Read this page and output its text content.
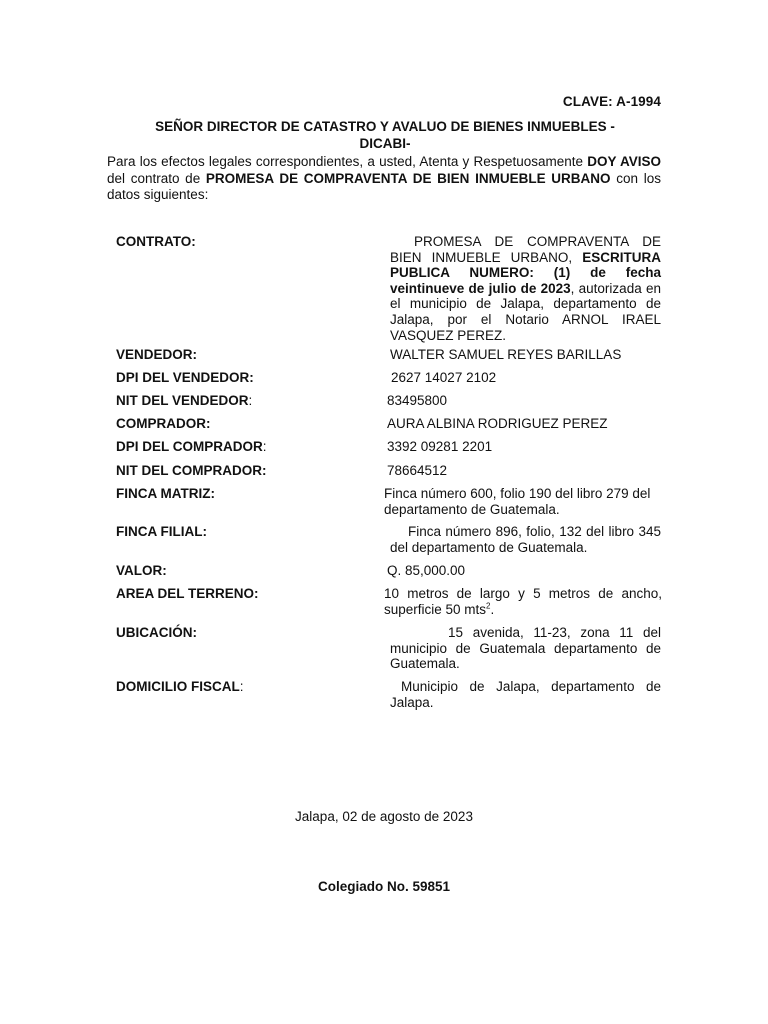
CLAVE: A-1994
SEÑOR DIRECTOR DE CATASTRO Y AVALUO DE BIENES INMUEBLES -
DICABI-
Para los efectos legales correspondientes, a usted, Atenta y Respetuosamente DOY AVISO del contrato de PROMESA DE COMPRAVENTA DE BIEN INMUEBLE URBANO con los datos siguientes:
CONTRATO:	PROMESA DE COMPRAVENTA DE BIEN INMUEBLE URBANO, ESCRITURA PUBLICA NUMERO: (1) de fecha veintinueve de julio de 2023, autorizada en el municipio de Jalapa, departamento de Jalapa, por el Notario ARNOL IRAEL VASQUEZ PEREZ.
VENDEDOR:	WALTER SAMUEL REYES BARILLAS
DPI DEL VENDEDOR:	2627 14027 2102
NIT DEL VENDEDOR:	83495800
COMPRADOR:	AURA ALBINA RODRIGUEZ PEREZ
DPI DEL COMPRADOR:	3392 09281 2201
NIT DEL COMPRADOR:	78664512
FINCA MATRIZ:	Finca número 600, folio 190 del libro 279 del departamento de Guatemala.
FINCA FILIAL:	Finca número 896, folio, 132 del libro 345 del departamento de Guatemala.
VALOR:	Q. 85,000.00
AREA DEL TERRENO:	10 metros de largo y 5 metros de ancho, superficie 50 mts$^2$.
UBICACIÓN:	15 avenida, 11-23, zona 11 del municipio de Guatemala departamento de Guatemala.
DOMICILIO FISCAL:	Municipio de Jalapa, departamento de Jalapa.
Jalapa, 02 de agosto de 2023
Colegiado No. 59851
